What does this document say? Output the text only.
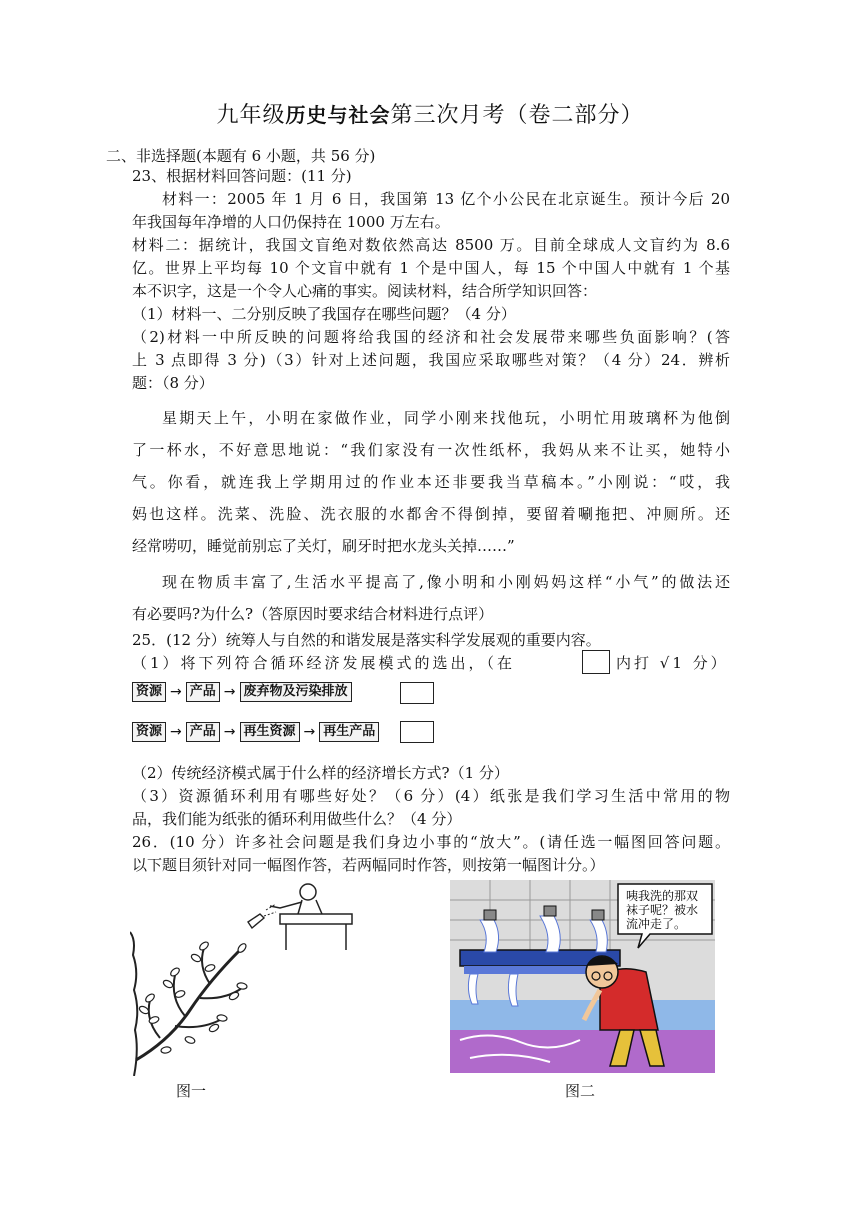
九年级历史与社会第三次月考（卷二部分）
二、非选择题(本题有 6 小题，共 56 分)
23、根据材料回答问题：(11 分)
材料一：2005 年 1 月 6 日，我国第 13 亿个小公民在北京诞生。预计今后 20
年我国每年净增的人口仍保持在 1000 万左右。
材料二：据统计，我国文盲绝对数依然高达 8500 万。目前全球成人文盲约为 8.6
亿。世界上平均每 10 个文盲中就有 1 个是中国人，每 15 个中国人中就有 1 个基
本不识字，这是一个令人心痛的事实。阅读材料，结合所学知识回答：
（1）材料一、二分别反映了我国存在哪些问题？（4 分）
（2)材料一中所反映的问题将给我国的经济和社会发展带来哪些负面影响？(答
上 3 点即得 3 分)（3）针对上述问题，我国应采取哪些对策？（4 分）24．辨析
题：（8 分）
星期天上午，小明在家做作业，同学小刚来找他玩，小明忙用玻璃杯为他倒
了一杯水，不好意思地说：“我们家没有一次性纸杯，我妈从来不让买，她特小
气。你看，就连我上学期用过的作业本还非要我当草稿本。”小刚说：“哎，我
妈也这样。洗菜、洗脸、洗衣服的水都舍不得倒掉，要留着唰拖把、冲厕所。还
经常唠叨，睡觉前别忘了关灯，刷牙时把水龙头关掉……”
现在物质丰富了,生活水平提高了,像小明和小刚妈妈这样“小气”的做法还
有必要吗?为什么?（答原因时要求结合材料进行点评）
25．(12 分）统筹人与自然的和谐发展是落实科学发展观的重要内容。
（1）将下列符合循环经济发展模式的选出，（在	内打 √1 分）
资源 → 产品 → 废弃物及污染排放
资源 → 产品 → 再生资源 → 再生产品
（2）传统经济模式属于什么样的经济增长方式?（1 分）
（3）资源循环利用有哪些好处？（6 分）(4）纸张是我们学习生活中常用的物
品，我们能为纸张的循环利用做些什么？（4 分）
26．(10 分）许多社会问题是我们身边小事的“放大”。(请任选一幅图回答问题。
以下题目须针对同一幅图作答，若两幅同时作答，则按第一幅图计分。）
咦我洗的那双
袜子呢？被水
流冲走了。
图一	图二
